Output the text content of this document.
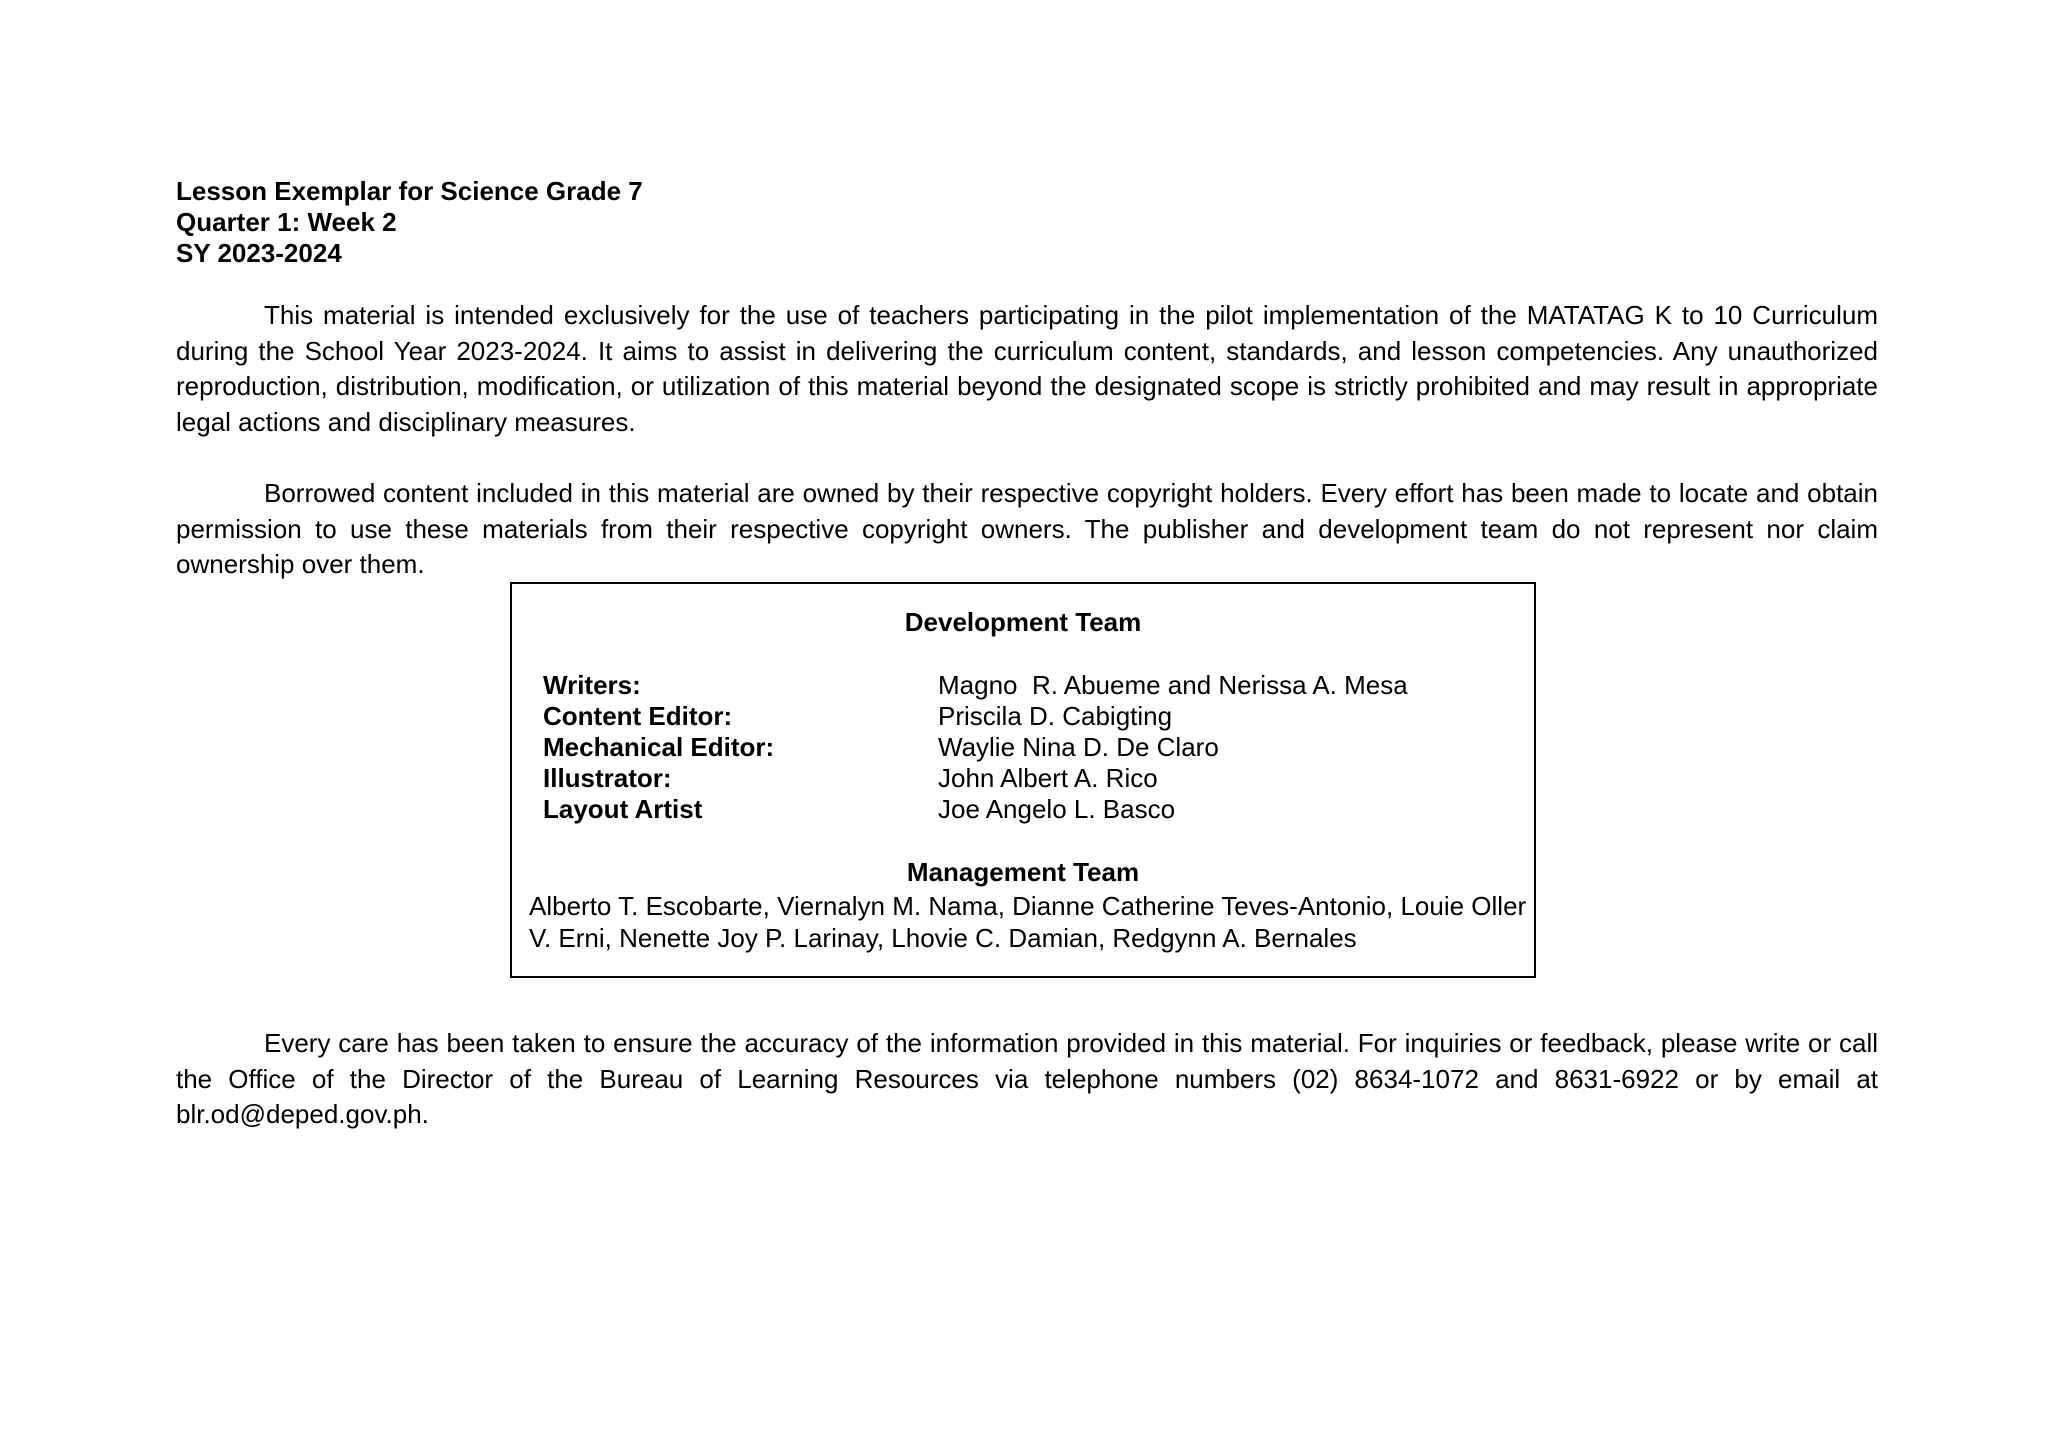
Lesson Exemplar for Science Grade 7
Quarter 1: Week 2
SY 2023-2024

This material is intended exclusively for the use of teachers participating in the pilot implementation of the MATATAG K to 10 Curriculum during the School Year 2023-2024. It aims to assist in delivering the curriculum content, standards, and lesson competencies. Any unauthorized reproduction, distribution, modification, or utilization of this material beyond the designated scope is strictly prohibited and may result in appropriate legal actions and disciplinary measures.

Borrowed content included in this material are owned by their respective copyright holders. Every effort has been made to locate and obtain permission to use these materials from their respective copyright owners. The publisher and development team do not represent nor claim ownership over them.

Development Team
Writers:	Magno  R. Abueme and Nerissa A. Mesa
Content Editor:	Priscila D. Cabigting
Mechanical Editor:	Waylie Nina D. De Claro
Illustrator:	John Albert A. Rico
Layout Artist	Joe Angelo L. Basco
Management Team
Alberto T. Escobarte, Viernalyn M. Nama, Dianne Catherine Teves-Antonio, Louie Oller V. Erni, Nenette Joy P. Larinay, Lhovie C. Damian, Redgynn A. Bernales

Every care has been taken to ensure the accuracy of the information provided in this material. For inquiries or feedback, please write or call the Office of the Director of the Bureau of Learning Resources via telephone numbers (02) 8634-1072 and 8631-6922 or by email at blr.od@deped.gov.ph.
